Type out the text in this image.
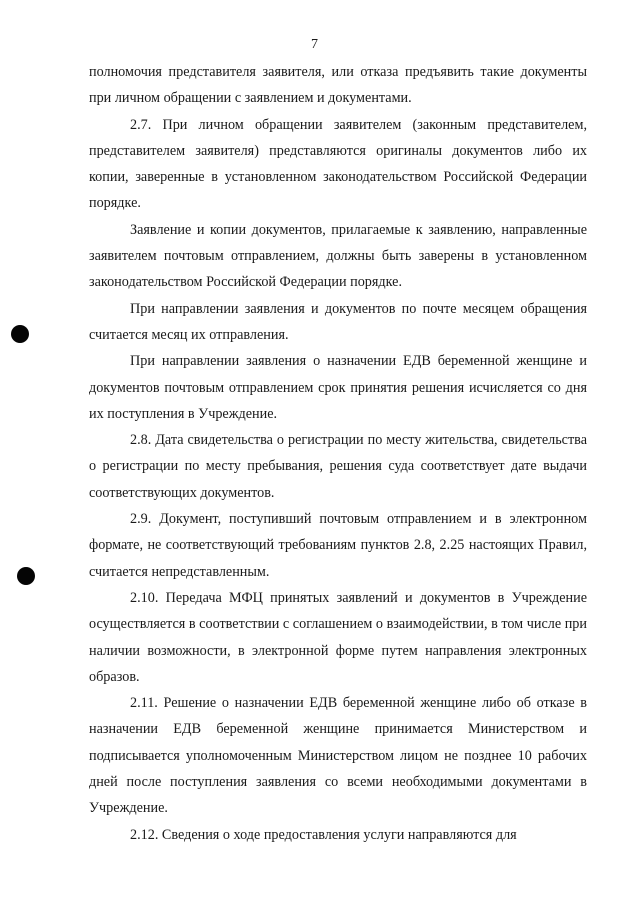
7

полномочия представителя заявителя, или отказа предъявить такие документы при личном обращении с заявлением и документами.

2.7. При личном обращении заявителем (законным представителем, представителем заявителя) представляются оригиналы документов либо их копии, заверенные в установленном законодательством Российской Федерации порядке.

Заявление и копии документов, прилагаемые к заявлению, направленные заявителем почтовым отправлением, должны быть заверены в установленном законодательством Российской Федерации порядке.

При направлении заявления и документов по почте месяцем обращения считается месяц их отправления.

При направлении заявления о назначении ЕДВ беременной женщине и документов почтовым отправлением срок принятия решения исчисляется со дня их поступления в Учреждение.

2.8. Дата свидетельства о регистрации по месту жительства, свидетельства о регистрации по месту пребывания, решения суда соответствует дате выдачи соответствующих документов.

2.9. Документ, поступивший почтовым отправлением и в электронном формате, не соответствующий требованиям пунктов 2.8, 2.25 настоящих Правил, считается непредставленным.

2.10. Передача МФЦ принятых заявлений и документов в Учреждение осуществляется в соответствии с соглашением о взаимодействии, в том числе при наличии возможности, в электронной форме путем направления электронных образов.

2.11. Решение о назначении ЕДВ беременной женщине либо об отказе в назначении ЕДВ беременной женщине принимается Министерством и подписывается уполномоченным Министерством лицом не позднее 10 рабочих дней после поступления заявления со всеми необходимыми документами в Учреждение.

2.12. Сведения о ходе предоставления услуги направляются для
